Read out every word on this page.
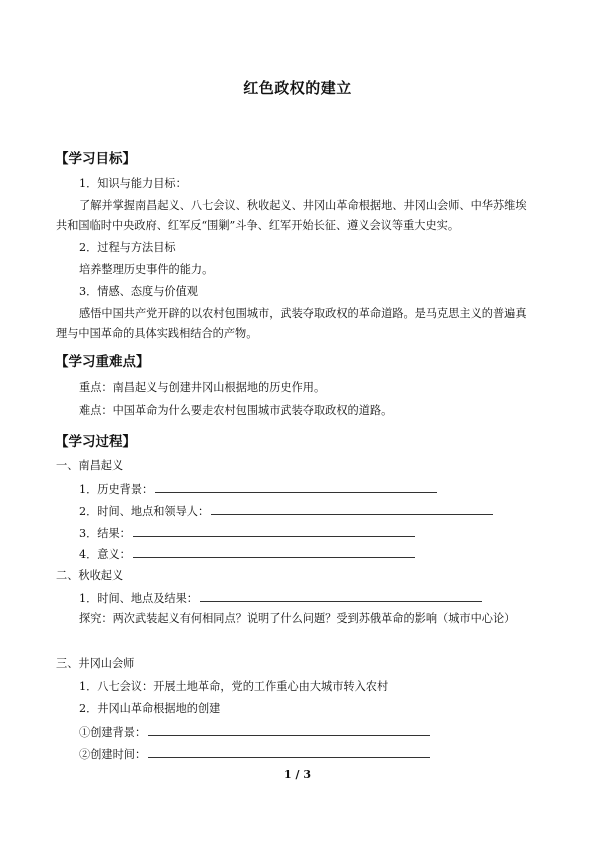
红色政权的建立
【学习目标】
1．知识与能力目标：
了解并掌握南昌起义、八七会议、秋收起义、井冈山革命根据地、井冈山会师、中华苏维埃共和国临时中央政府、红军反“围剿”斗争、红军开始长征、遵义会议等重大史实。
2．过程与方法目标
培养整理历史事件的能力。
3．情感、态度与价值观
感悟中国共产党开辟的以农村包围城市，武装夺取政权的革命道路。是马克思主义的普遍真理与中国革命的具体实践相结合的产物。
【学习重难点】
重点：南昌起义与创建井冈山根据地的历史作用。
难点：中国革命为什么要走农村包围城市武装夺取政权的道路。
【学习过程】
一、南昌起义
1．历史背景：
2．时间、地点和领导人：
3．结果：
4．意义：
二、秋收起义
1．时间、地点及结果：
探究：两次武装起义有何相同点？说明了什么问题？受到苏俄革命的影响（城市中心论）
三、井冈山会师
1．八七会议：开展土地革命，党的工作重心由大城市转入农村
2．井冈山革命根据地的创建
①创建背景：
②创建时间：
1 / 3
